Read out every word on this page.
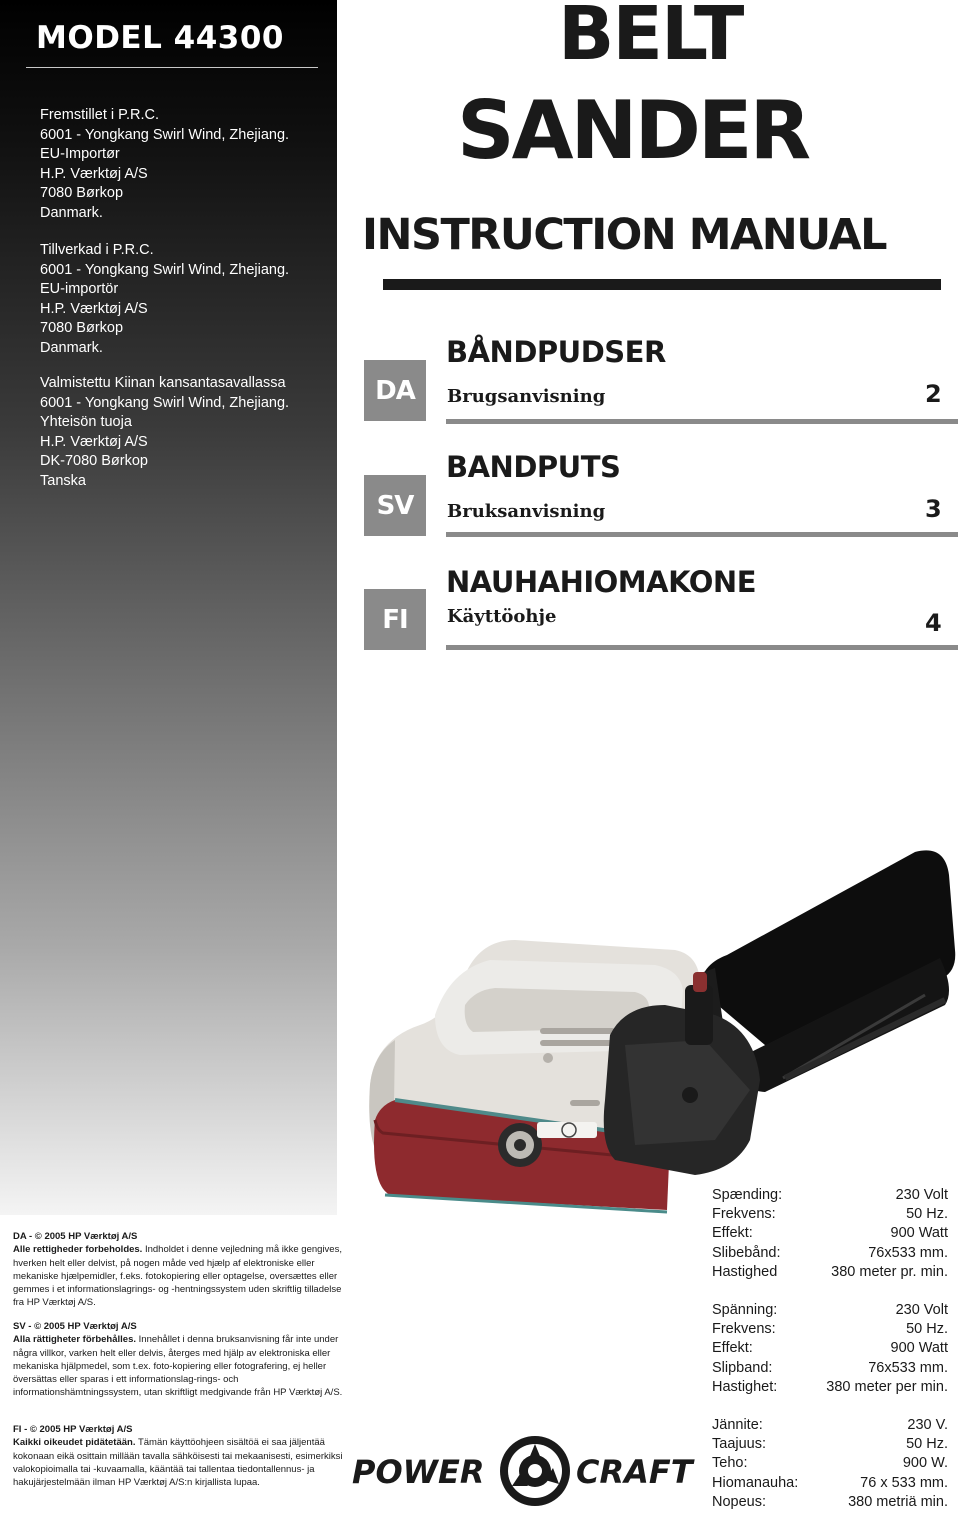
MODEL 44300
Fremstillet i P.R.C.
6001 - Yongkang Swirl Wind, Zhejiang.
EU-Importør
H.P. Værktøj A/S
7080 Børkop
Danmark.
Tillverkad i P.R.C.
6001 - Yongkang Swirl Wind, Zhejiang.
EU-importör
H.P. Værktøj A/S
7080 Børkop
Danmark.
Valmistettu Kiinan kansantasavallassa
6001 - Yongkang Swirl Wind, Zhejiang.
Yhteisön tuoja
H.P. Værktøj A/S
DK-7080 Børkop
Tanska
BELT
SANDER
INSTRUCTION MANUAL
DA
BÅNDPUDSER
Brugsanvisning	2
SV
BANDPUTS
Bruksanvisning	3
FI
NAUHAHIOMAKONE
Käyttöohje	4
DA - © 2005 HP Værktøj A/S
Alle rettigheder forbeholdes. Indholdet i denne vejledning må ikke gengives, hverken helt eller delvist, på nogen måde ved hjælp af elektroniske eller mekaniske hjælpemidler, f.eks. fotokopiering eller optagelse, oversættes eller gemmes i et informationslagrings- og -hentningssystem uden skriftlig tilladelse fra HP Værktøj A/S.
SV - © 2005 HP Værktøj A/S
Alla rättigheter förbehålles. Innehållet i denna bruksanvisning får inte under några villkor, varken helt eller delvis, återges med hjälp av elektroniska eller mekaniska hjälpmedel, som t.ex. foto-kopiering eller fotografering, ej heller översättas eller sparas i ett informationslag-rings- och informationshämtningssystem, utan skriftligt medgivande från HP Værktøj A/S.
FI - © 2005 HP Værktøj A/S
Kaikki oikeudet pidätetään. Tämän käyttöohjeen sisältöä ei saa jäljentää kokonaan eikä osittain millään tavalla sähköisesti tai mekaanisesti, esimerkiksi valokopioimalla tai -kuvaamalla, kääntää tai tallentaa tiedontallennus- ja hakujärjestelmään ilman HP Værktøj A/S:n kirjallista lupaa.	POWER	CRAFT
Spænding:	230 Volt
Frekvens:	50 Hz.
Effekt:	900 Watt
Slibebånd:	76x533 mm.
Hastighed	380 meter pr. min.
Spänning:	230 Volt
Frekvens:	50 Hz.
Effekt:	900 Watt
Slipband:	76x533 mm.
Hastighet:	380 meter per min.
Jännite:	230 V.
Taajuus:	50 Hz.
Teho:	900 W.
Hiomanauha:	76 x 533 mm.
Nopeus:	380 metriä min.
